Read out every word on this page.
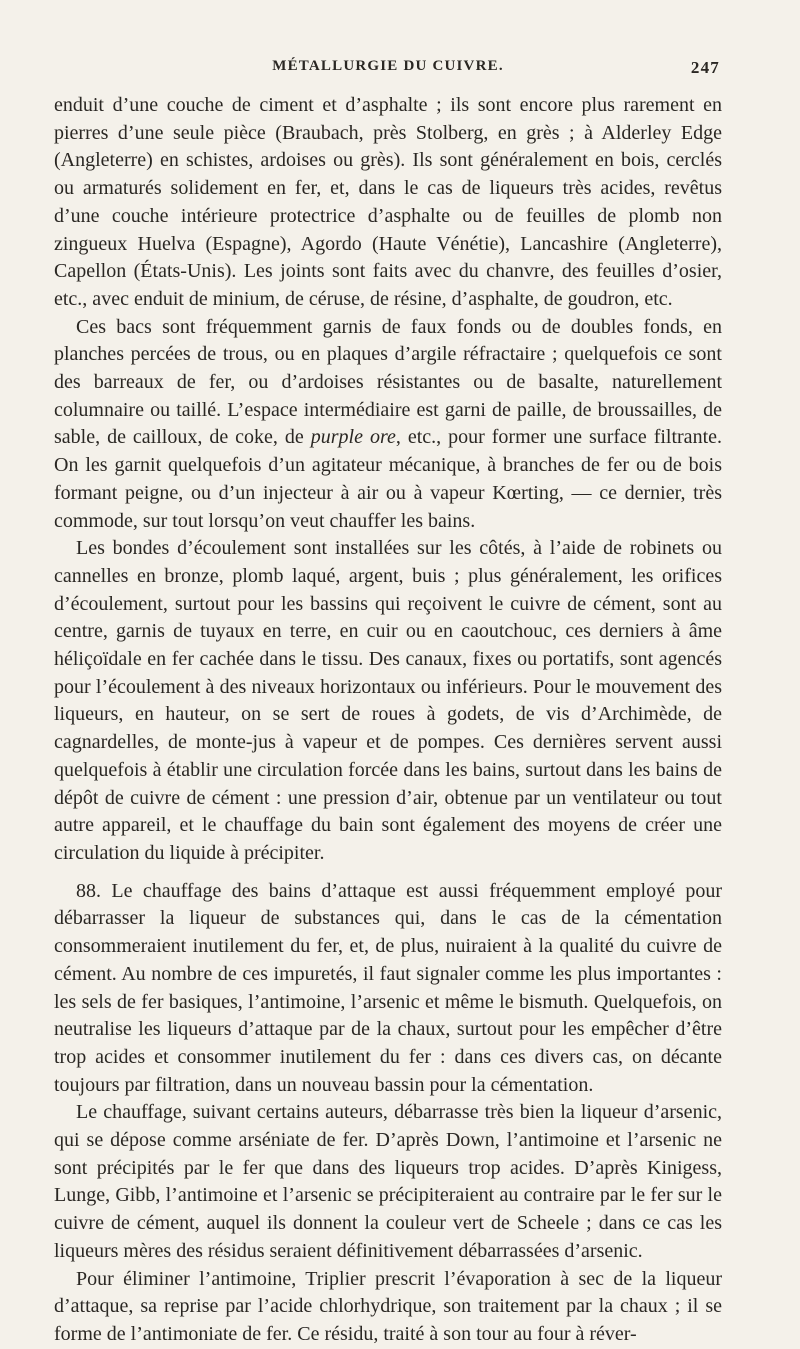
MÉTALLURGIE DU CUIVRE.	247

enduit d’une couche de ciment et d’asphalte ; ils sont encore plus rarement en pierres d’une seule pièce (Braubach, près Stolberg, en grès ; à Alderley Edge (Angleterre) en schistes, ardoises ou grès). Ils sont généralement en bois, cerclés ou armaturés solidement en fer, et, dans le cas de liqueurs très acides, revêtus d’une couche intérieure protectrice d’asphalte ou de feuilles de plomb non zingueux Huelva (Espagne), Agordo (Haute Vénétie), Lancashire (Angleterre), Capellon (États-Unis). Les joints sont faits avec du chanvre, des feuilles d’osier, etc., avec enduit de minium, de céruse, de résine, d’asphalte, de goudron, etc.

Ces bacs sont fréquemment garnis de faux fonds ou de doubles fonds, en planches percées de trous, ou en plaques d’argile réfractaire ; quelquefois ce sont des barreaux de fer, ou d’ardoises résistantes ou de basalte, naturellement columnaire ou taillé. L’espace intermédiaire est garni de paille, de broussailles, de sable, de cailloux, de coke, de purple ore, etc., pour former une surface filtrante. On les garnit quelquefois d’un agitateur mécanique, à branches de fer ou de bois formant peigne, ou d’un injecteur à air ou à vapeur Kœrting, — ce dernier, très commode, sur tout lorsqu’on veut chauffer les bains.

Les bondes d’écoulement sont installées sur les côtés, à l’aide de robinets ou cannelles en bronze, plomb laqué, argent, buis ; plus généralement, les orifices d’écoulement, surtout pour les bassins qui reçoivent le cuivre de cément, sont au centre, garnis de tuyaux en terre, en cuir ou en caoutchouc, ces derniers à âme héliçoïdale en fer cachée dans le tissu. Des canaux, fixes ou portatifs, sont agencés pour l’écoulement à des niveaux horizontaux ou inférieurs. Pour le mouvement des liqueurs, en hauteur, on se sert de roues à godets, de vis d’Archimède, de cagnardelles, de monte-jus à vapeur et de pompes. Ces dernières servent aussi quelquefois à établir une circulation forcée dans les bains, surtout dans les bains de dépôt de cuivre de cément : une pression d’air, obtenue par un ventilateur ou tout autre appareil, et le chauffage du bain sont également des moyens de créer une circulation du liquide à précipiter.

88. Le chauffage des bains d’attaque est aussi fréquemment employé pour débarrasser la liqueur de substances qui, dans le cas de la cémentation consommeraient inutilement du fer, et, de plus, nuiraient à la qualité du cuivre de cément. Au nombre de ces impuretés, il faut signaler comme les plus importantes : les sels de fer basiques, l’antimoine, l’arsenic et même le bismuth. Quelquefois, on neutralise les liqueurs d’attaque par de la chaux, surtout pour les empêcher d’être trop acides et consommer inutilement du fer : dans ces divers cas, on décante toujours par filtration, dans un nouveau bassin pour la cémentation.

Le chauffage, suivant certains auteurs, débarrasse très bien la liqueur d’arsenic, qui se dépose comme arséniate de fer. D’après Down, l’antimoine et l’arsenic ne sont précipités par le fer que dans des liqueurs trop acides. D’après Kinigess, Lunge, Gibb, l’antimoine et l’arsenic se précipiteraient au contraire par le fer sur le cuivre de cément, auquel ils donnent la couleur vert de Scheele ; dans ce cas les liqueurs mères des résidus seraient définitivement débarrassées d’arsenic.

Pour éliminer l’antimoine, Triplier prescrit l’évaporation à sec de la liqueur d’attaque, sa reprise par l’acide chlorhydrique, son traitement par la chaux ; il se forme de l’antimoniate de fer. Ce résidu, traité à son tour au four à réver-
